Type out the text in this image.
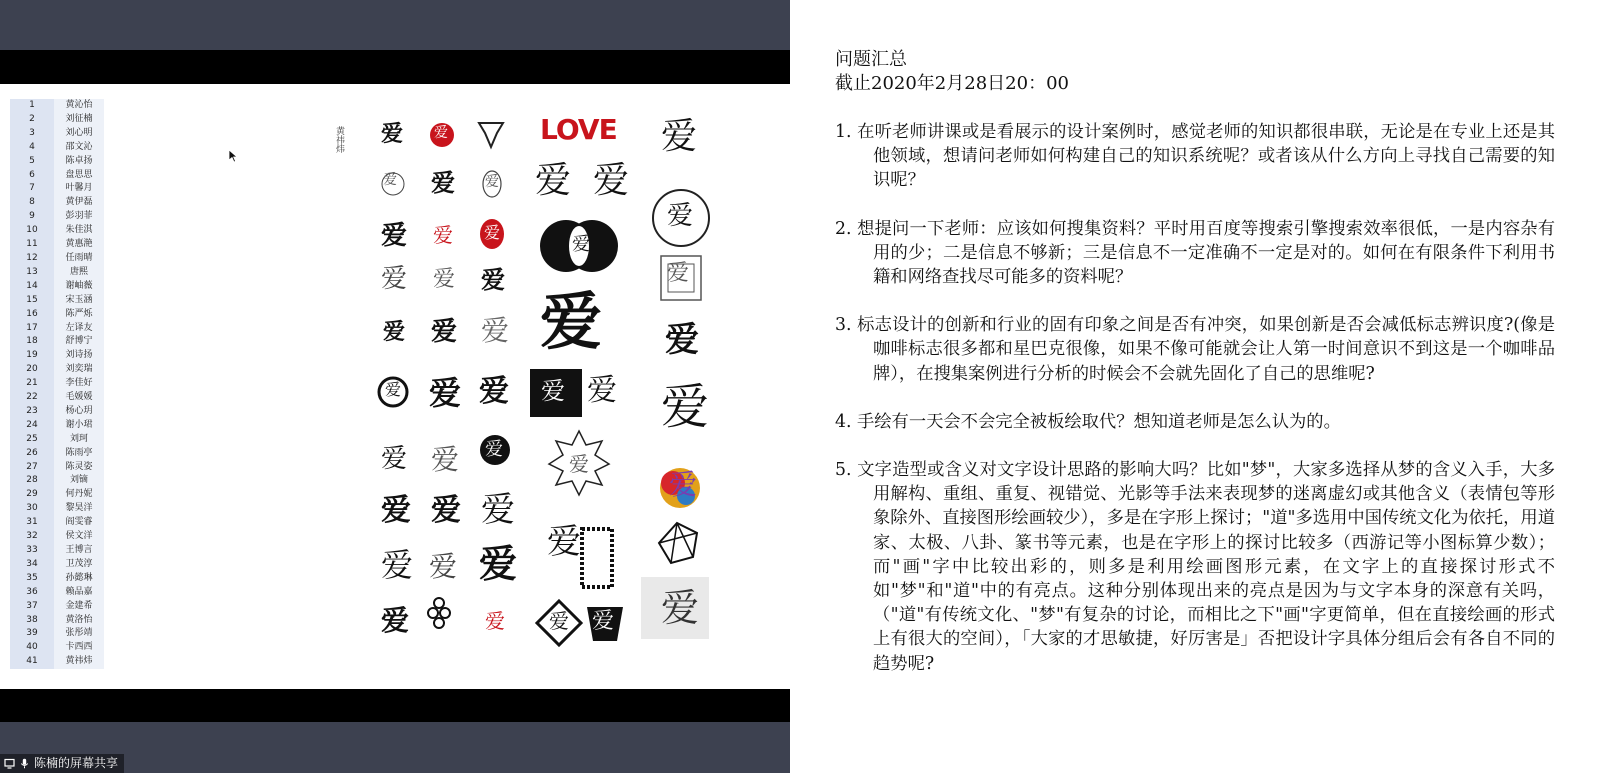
1	黄沁怡
2	刘征楠
3	刘心明
4	邵文沁
5	陈卓扬
6	盘思思
7	叶馨月
8	黄伊磊
9	彭羽菲
10	朱佳淇
11	黄惠滟
12	任雨晴
13	唐熙
14	谢岫薇
15	宋玉涵
16	陈严烁
17	左译友
18	舒博宁
19	刘诗扬
20	刘奕瑞
21	李佳好
22	毛媛媛
23	杨心玥
24	谢小珺
25	刘珂
26	陈雨亭
27	陈灵姿
28	刘镝
29	何丹妮
30	黎昊洋
31	阎雯睿
32	侯文洋
33	王博言
34	卫茂淳
35	孙懿琳
36	赖品嘉
37	金建希
38	黄洛怡
39	张彤靖
40	卡西西
41	黄祎炜
黄祎炜	LOVE
爱 爱	爱
爱 爱 爱 爱 爱
爱
爱 爱 爱
爱
爱 爱 爱	爱
爱
爱 爱 爱	爱
爱 爱 爱 爱 爱 爱
爱 爱 爱
爱
爱 爱 爱
爱
爱
爱 爱 爱
爱
爱	爱 爱 爱
陈楠的屏幕共享

问题汇总

截止2020年2月28日20：00

1. 在听老师讲课或是看展示的设计案例时，感觉老师的知识都很串联，无论是在专业上还是其他领域，想请问老师如何构建自己的知识系统呢？或者该从什么方向上寻找自己需要的知识呢？
2. 想提问一下老师：应该如何搜集资料？平时用百度等搜索引擎搜索效率很低，一是内容杂有用的少；二是信息不够新；三是信息不一定准确不一定是对的。如何在有限条件下利用书籍和网络查找尽可能多的资料呢？
3. 标志设计的创新和行业的固有印象之间是否有冲突，如果创新是否会减低标志辨识度?(像是咖啡标志很多都和星巴克很像，如果不像可能就会让人第一时间意识不到这是一个咖啡品牌），在搜集案例进行分析的时候会不会就先固化了自己的思维呢?
4. 手绘有一天会不会完全被板绘取代？想知道老师是怎么认为的。
5. 文字造型或含义对文字设计思路的影响大吗？比如"梦"，大家多选择从梦的含义入手，大多用解构、重组、重复、视错觉、光影等手法来表现梦的迷离虚幻或其他含义（表情包等形象除外、直接图形绘画较少），多是在字形上探讨；"道"多选用中国传统文化为依托，用道家、太极、八卦、篆书等元素，也是在字形上的探讨比较多（西游记等小图标算少数）；而"画"字中比较出彩的，则多是利用绘画图形元素，在文字上的直接探讨形式不如"梦"和"道"中的有亮点。这种分别体现出来的亮点是因为与文字本身的深意有关吗，（"道"有传统文化、"梦"有复杂的讨论，而相比之下"画"字更简单，但在直接绘画的形式上有很大的空间），「大家的才思敏捷，好厉害是」否把设计字具体分组后会有各自不同的趋势呢?
